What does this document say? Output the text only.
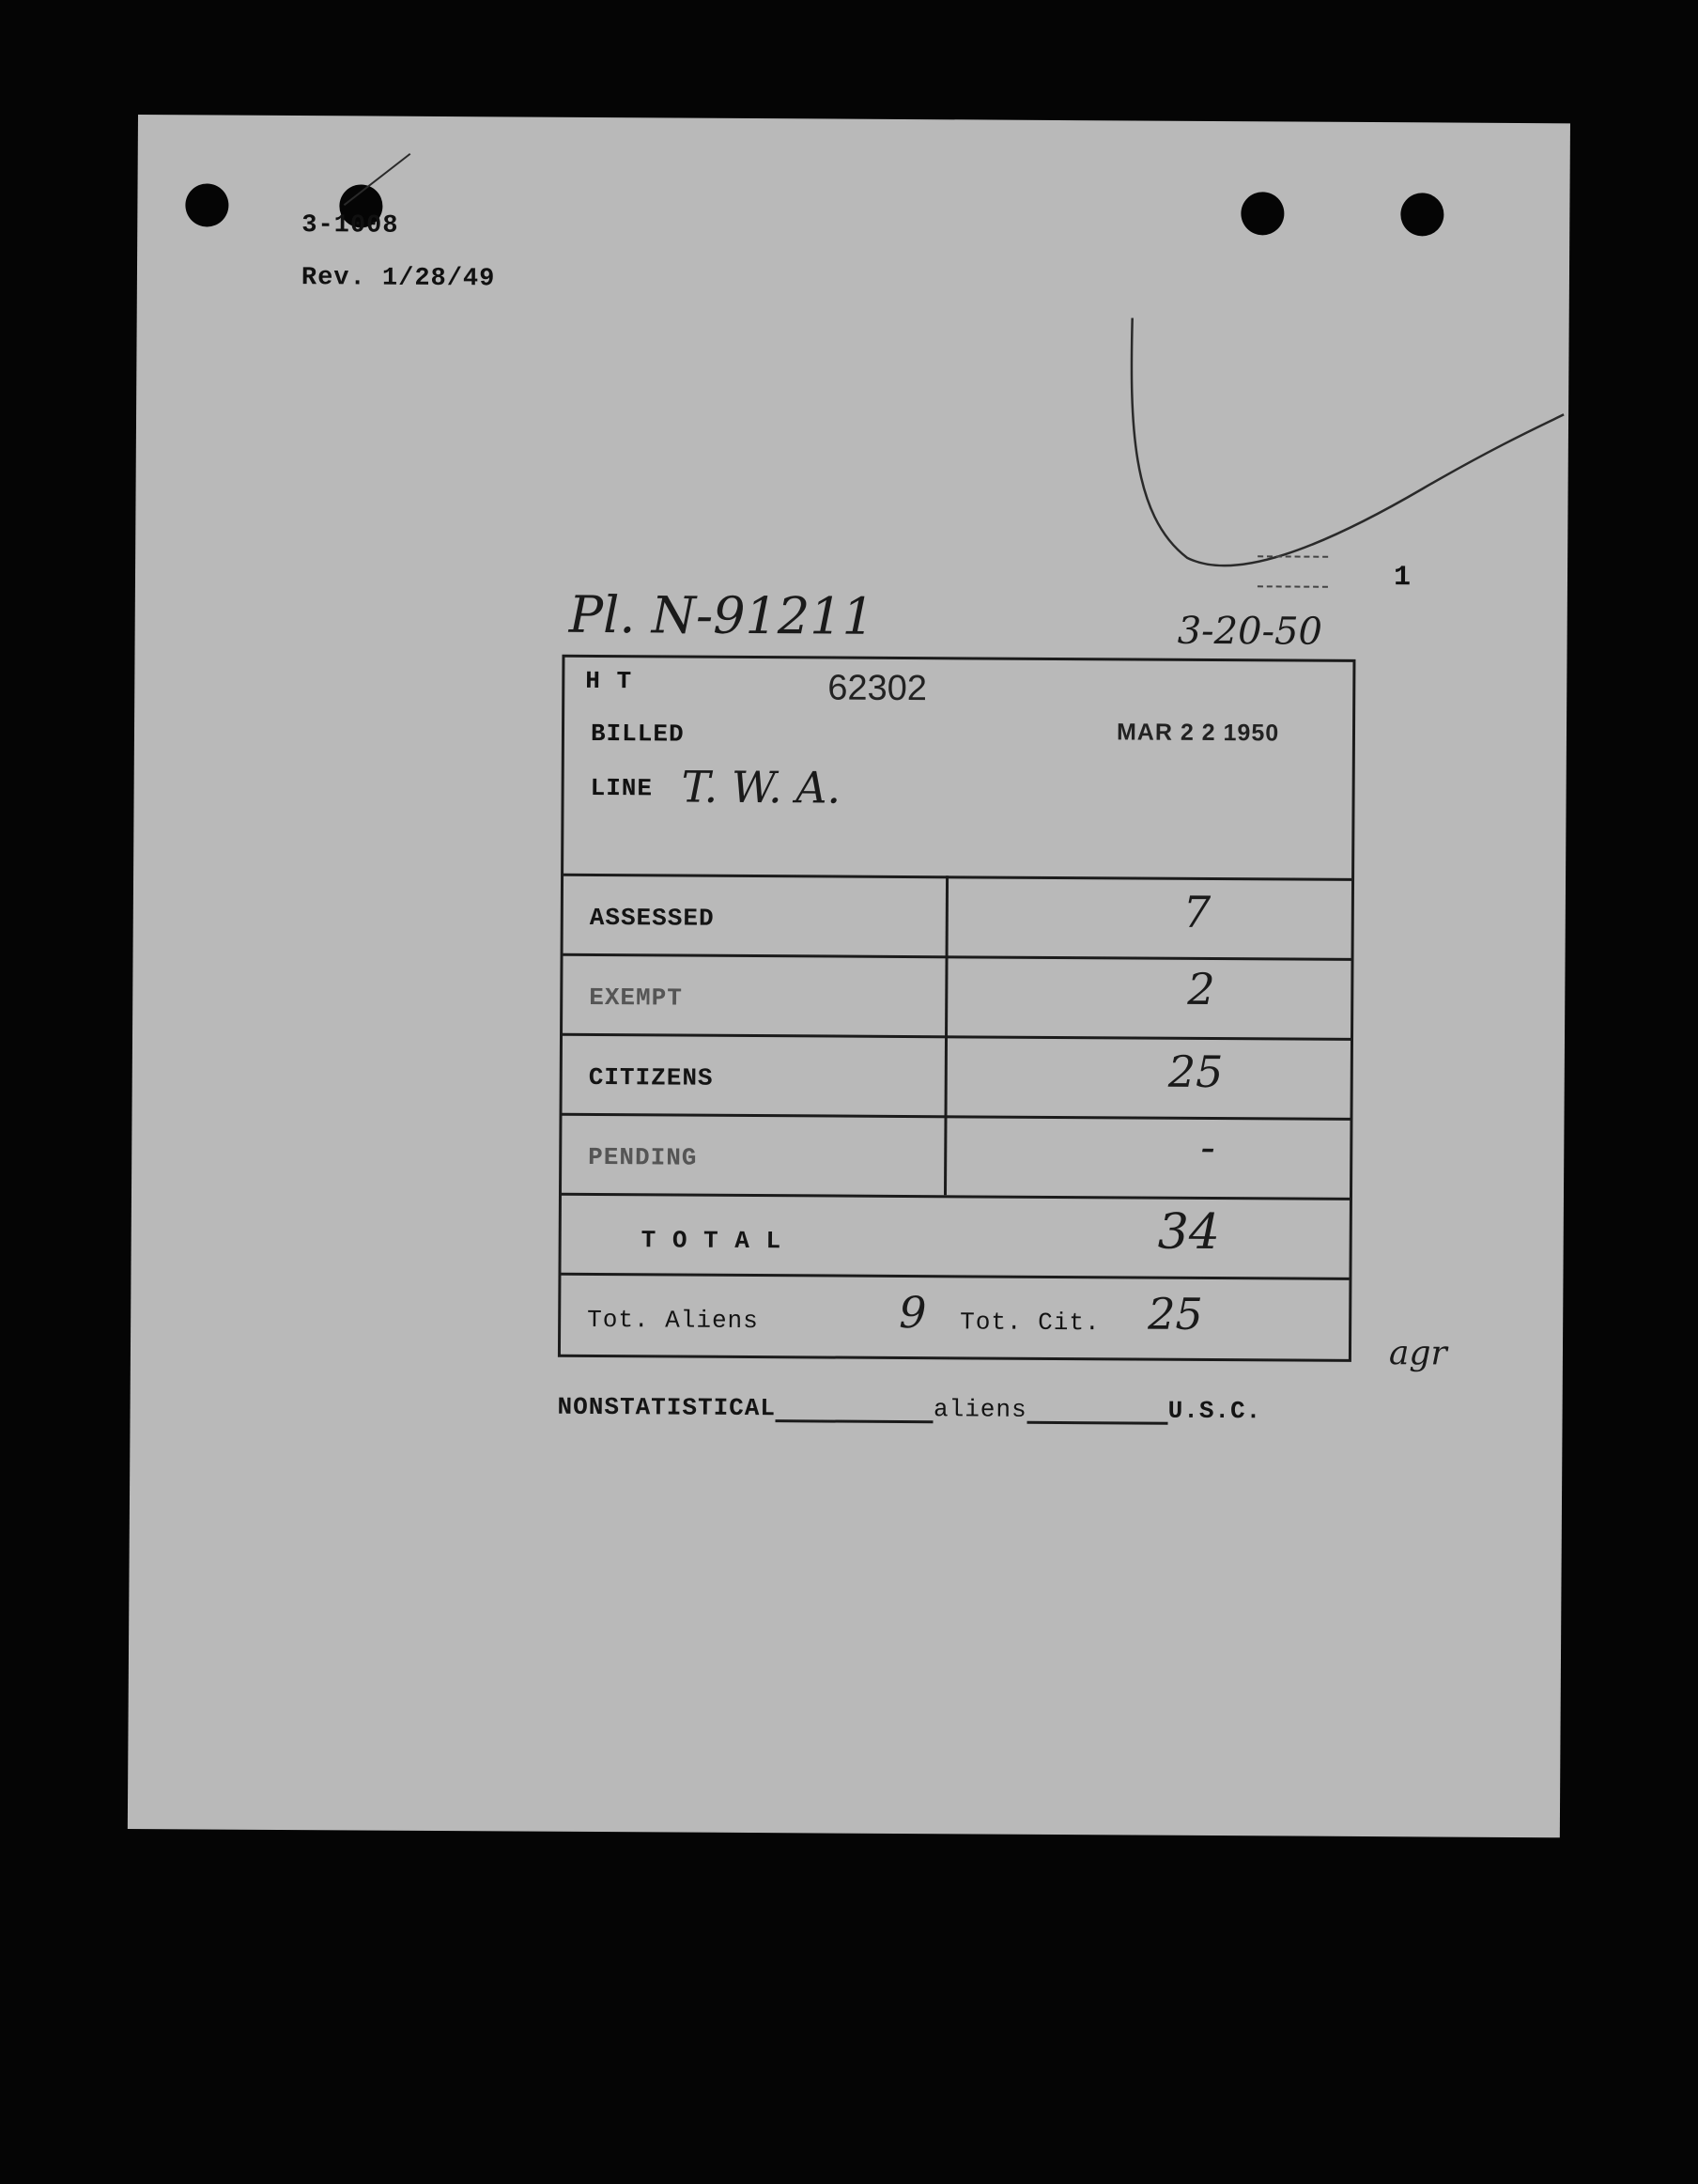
3-1008
Rev. 1/28/49
1
Pl. N-91211	3-20-50
H T	62302
BILLED	MAR 2 2 1950
LINE T. W. A.
ASSESSED	7
EXEMPT	2
CITIZENS	25
PENDING	-
T O T A L	34
Tot. Aliens	9 Tot. Cit. 25
agr
NONSTATISTICAL	aliens	U.S.C.
